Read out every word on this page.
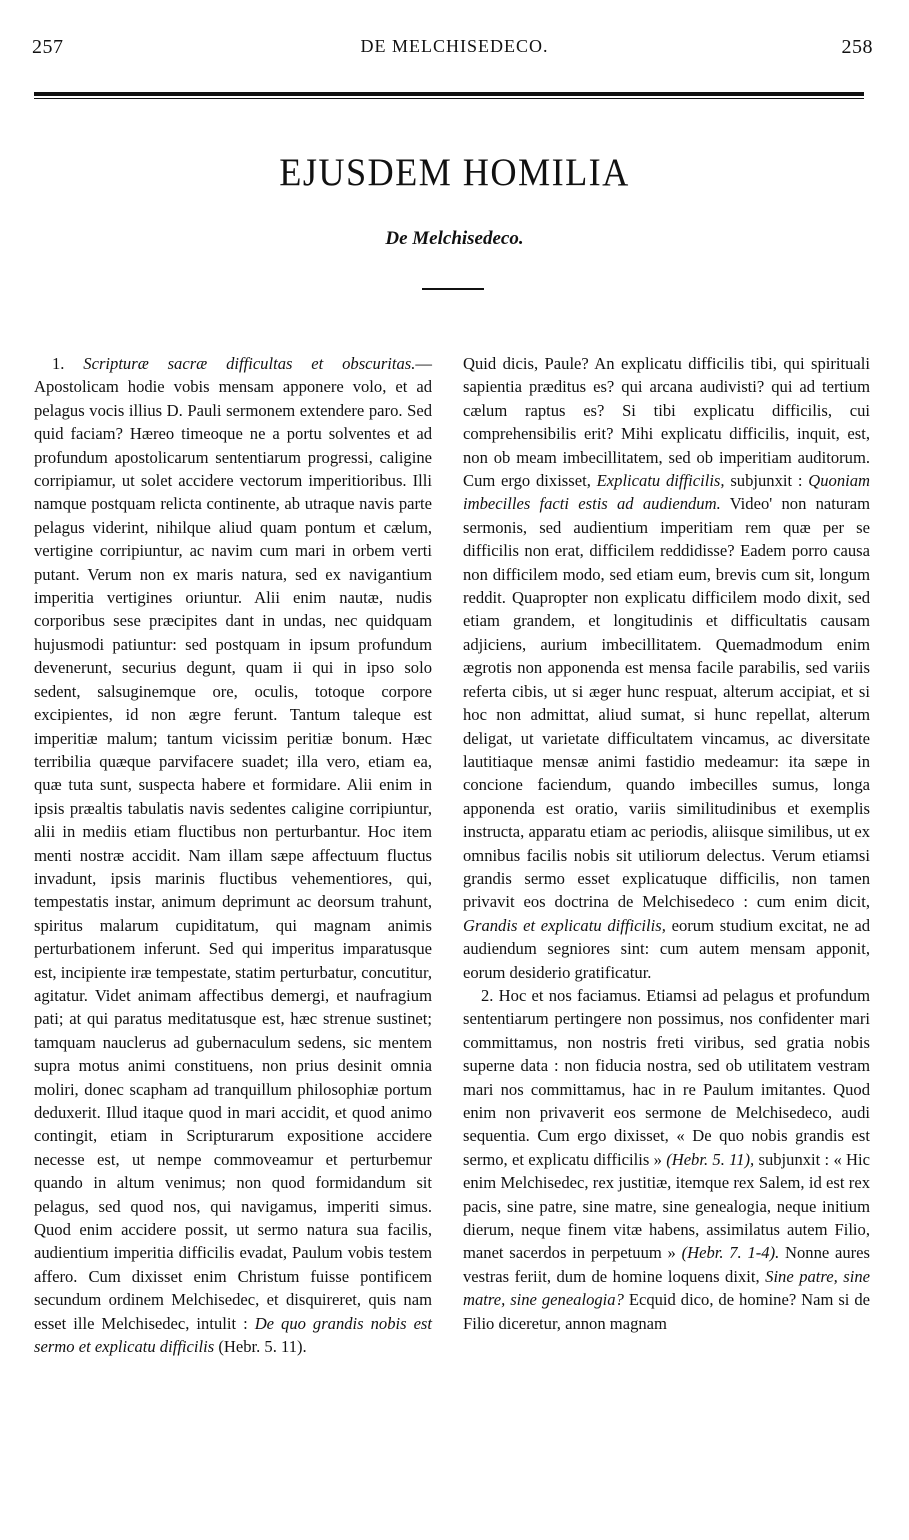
257	DE MELCHISEDECO.	258
EJUSDEM HOMILIA
De Melchisedeco.

1. Scripturæ sacræ difficultas et obscuritas.—Apostolicam hodie vobis mensam apponere volo, et ad pelagus vocis illius D. Pauli sermonem extendere paro. Sed quid faciam? Hæreo timeoque ne a portu solventes et ad profundum apostolicarum sententiarum progressi, caligine corripiamur, ut solet accidere vectorum imperitioribus. Illi namque postquam relicta continente, ab utraque navis parte pelagus viderint, nihilque aliud quam pontum et cælum, vertigine corripiuntur, ac navim cum mari in orbem verti putant. Verum non ex maris natura, sed ex navigantium imperitia vertigines oriuntur. Alii enim nautæ, nudis corporibus sese præcipites dant in undas, nec quidquam hujusmodi patiuntur: sed postquam in ipsum profundum devenerunt, securius degunt, quam ii qui in ipso solo sedent, salsuginemque ore, oculis, totoque corpore excipientes, id non ægre ferunt. Tantum taleque est imperitiæ malum; tantum vicissim peritiæ bonum. Hæc terribilia quæque parvifacere suadet; illa vero, etiam ea, quæ tuta sunt, suspecta habere et formidare. Alii enim in ipsis præaltis tabulatis navis sedentes caligine corripiuntur, alii in mediis etiam fluctibus non perturbantur. Hoc item menti nostræ accidit. Nam illam sæpe affectuum fluctus invadunt, ipsis marinis fluctibus vehementiores, qui, tempestatis instar, animum deprimunt ac deorsum trahunt, spiritus malarum cupiditatum, qui magnam animis perturbationem inferunt. Sed qui imperitus imparatusque est, incipiente iræ tempestate, statim perturbatur, concutitur, agitatur. Videt animam affectibus demergi, et naufragium pati; at qui paratus meditatusque est, hæc strenue sustinet; tamquam nauclerus ad gubernaculum sedens, sic mentem supra motus animi constituens, non prius desinit omnia moliri, donec scapham ad tranquillum philosophiæ portum deduxerit. Illud itaque quod in mari accidit, et quod animo contingit, etiam in Scripturarum expositione accidere necesse est, ut nempe commoveamur et perturbemur quando in altum venimus; non quod formidandum sit pelagus, sed quod nos, qui navigamus, imperiti simus. Quod enim accidere possit, ut sermo natura sua facilis, audientium imperitia difficilis evadat, Paulum vobis testem affero. Cum dixisset enim Christum fuisse pontificem secundum ordinem Melchisedec, et disquireret, quis nam esset ille Melchisedec, intulit : De quo grandis nobis est sermo et explicatu difficilis (Hebr. 5. 11).

Quid dicis, Paule? An explicatu difficilis tibi, qui spirituali sapientia præditus es? qui arcana audivisti? qui ad tertium cælum raptus es? Si tibi explicatu difficilis, cui comprehensibilis erit? Mihi explicatu difficilis, inquit, est, non ob meam imbecillitatem, sed ob imperitiam auditorum. Cum ergo dixisset, Explicatu difficilis, subjunxit : Quoniam imbecilles facti estis ad audiendum. Video' non naturam sermonis, sed audientium imperitiam rem quæ per se difficilis non erat, difficilem reddidisse? Eadem porro causa non difficilem modo, sed etiam eum, brevis cum sit, longum reddit. Quapropter non explicatu difficilem modo dixit, sed etiam grandem, et longitudinis et difficultatis causam adjiciens, aurium imbecillitatem. Quemadmodum enim ægrotis non apponenda est mensa facile parabilis, sed variis referta cibis, ut si æger hunc respuat, alterum accipiat, et si hoc non admittat, aliud sumat, si hunc repellat, alterum deligat, ut varietate difficultatem vincamus, ac diversitate lautitiaque mensæ animi fastidio medeamur: ita sæpe in concione faciendum, quando imbecilles sumus, longa apponenda est oratio, variis similitudinibus et exemplis instructa, apparatu etiam ac periodis, aliisque similibus, ut ex omnibus facilis nobis sit utiliorum delectus. Verum etiamsi grandis sermo esset explicatuque difficilis, non tamen privavit eos doctrina de Melchisedeco : cum enim dicit, Grandis et explicatu difficilis, eorum studium excitat, ne ad audiendum segniores sint: cum autem mensam apponit, eorum desiderio gratificatur.

2. Hoc et nos faciamus. Etiamsi ad pelagus et profundum sententiarum pertingere non possimus, nos confidenter mari committamus, non nostris freti viribus, sed gratia nobis superne data : non fiducia nostra, sed ob utilitatem vestram mari nos committamus, hac in re Paulum imitantes. Quod enim non privaverit eos sermone de Melchisedeco, audi sequentia. Cum ergo dixisset, « De quo nobis grandis est sermo, et explicatu difficilis » (Hebr. 5. 11), subjunxit : « Hic enim Melchisedec, rex justitiæ, itemque rex Salem, id est rex pacis, sine patre, sine matre, sine genealogia, neque initium dierum, neque finem vitæ habens, assimilatus autem Filio, manet sacerdos in perpetuum » (Hebr. 7. 1-4). Nonne aures vestras feriit, dum de homine loquens dixit, Sine patre, sine matre, sine genealogia? Ecquid dico, de homine? Nam si de Filio diceretur, annon magnam
